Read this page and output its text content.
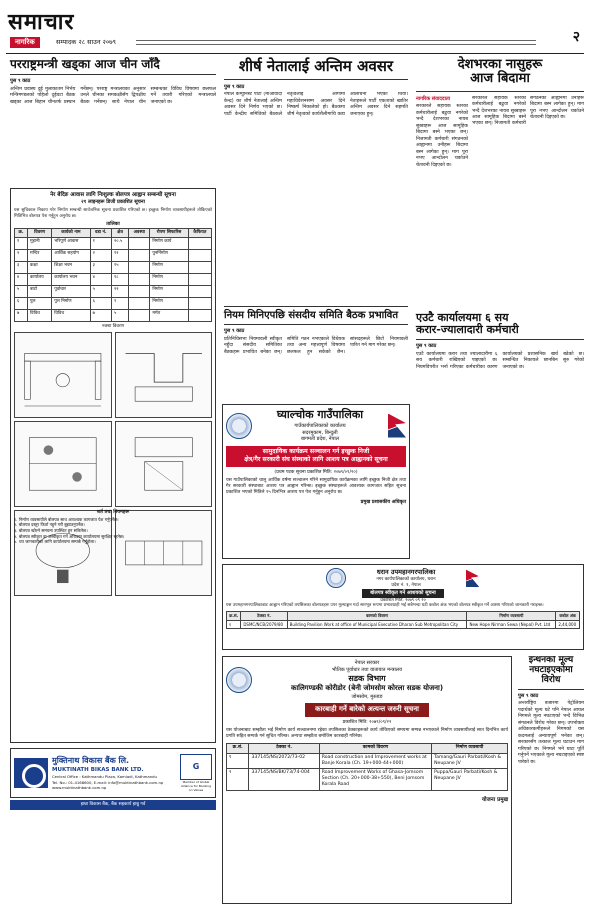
समाचार
नागरिक	सम्पादक २८ साउन २०७९	२
परराष्ट्रमन्त्री खड्का आज चीन जाँदै
पुस ९ काठ
अन्तिम प्रवास्य दुई मुलाकातम निर्भय मन्त्रिमण्डलको पहिलो दुईवटा बैठक खड्का आज बिहान चीनतर्फ प्रस्थान गर्नेछन्। परराष्ट्र मन्त्रालयका अनुसार उनले चीनका समकक्षीसँग द्विपक्षीय बैठक गर्नेछन्। साथै नेपाल चीन सम्बन्धका विविध विषयमा छलफल गर्ने तयारी गरिएको मन्त्रालयले जनाएको छ।
शीर्ष नेतालाई अन्तिम अवसर
पुस ९ काठ
नेपाल कम्युनिस्ट पार्टी (माओवादी केन्द्र) का शीर्ष नेतालाई अन्तिम अवसर दिने निर्णय भएको छ। पार्टी केन्द्रीय समितिको बैठकले नेतृत्वलाई आगामी महाधिवेशनसम्म अवसर दिने निष्कर्ष निकालेको हो। बैठकमा शीर्ष नेतृत्वको कार्यशैलीमाथि कडा आलोचना भएको थियो। नेताहरूले पार्टी एकताको खातिर अन्तिम अवसर दिने सहमति जनाएका हुन्।
देशभरका नासुहरू
आज बिदामा
नागरिक संवाददाता
सरकारले सहायक स्तरका कर्मचारीलाई बढुवा नगरेको भन्दै देशभरका नायब सुब्बाहरू आज सामूहिक बिदामा बस्ने भएका छन्। निजामती कर्मचारी संगठनको आह्वानमा उनीहरू बिदामा बस्न लागेका हुन्। माग पूरा नभए आन्दोलन चर्काउने चेतावनी दिइएको छ।
सरकारले सहायक स्तरका कर्मचारीलाई बढुवा नगरेको भन्दै देशभरका नायब सुब्बाहरू आज सामूहिक बिदामा बस्ने भएका छन्। निजामती कर्मचारी संगठनको आह्वानमा उनीहरू बिदामा बस्न लागेका हुन्। माग पूरा नभए आन्दोलन चर्काउने चेतावनी दिइएको छ।
नेर बेदिङ आवास लागि निःशुल्क बोलपत्र आह्वान सम्बन्धी सूचना
२१ लाइनहरू डिजी प्रकाशित सूचना
यस सुचिकाल निकाय गरेर निर्माण सम्बन्धी सार्वजनिक सूचना प्रकाशित गरिएको छ। इच्छुक निर्माण व्यवसायीहरूले तोकिएको मितिभित्र बोलपत्र पेश गर्नुहुन अनुरोध छ।
तालिका
क्र.	विवरण	कार्यको नाम	वडा नं.	क्षेत्र	अवस्था	रोपण सिफारिस	कैफियत
१	मुहानी	भरिपूर्ण आवास	१	२०.५		निर्माण कार्य	
२	मन्दिर	आर्थिक सहयोग	२	१२		पुनर्निर्माण	
३	कक्षा	शिक्षा भवन	३	१५		निर्माण	
४	कार्यालय	कार्यालय भवन	४	१८		निर्माण	
५	बाटो	पूर्वाधार	५	२२		निर्माण	
६	पुल	पुल निर्माण	६	९		निर्माण	
७	विविध	विविध	७	५		मर्मत	
नक्शा विवरण
शर्त तथा नियमहरू
१. निर्माण व्यवसायीले बोलपत्र साथ आवश्यक कागजात पेश गर्नुपर्नेछ।
२. बोलपत्र दस्तुर फिर्ता नहुने गरी बुझाउनुपर्नेछ।
३. बोलपत्र खोल्ने समयमा उपस्थित हुन सकिनेछ।
४. बोलपत्र स्वीकृत वा अस्वीकृत गर्ने अधिकार कार्यालयमा सुरक्षित रहनेछ।
५. थप जानकारीका लागि कार्यालयमा सम्पर्क गर्नुहोला।
मुक्तिनाथ विकास बैंक लि.
MUKTINATH BIKAS BANK LTD.
Central Office : Kathmandu Plaza, Kamladi, Kathmandu
Tel. No.: 01-4168600, E-mail: info@muktinathbank.com.np
www.muktinathbank.com.np
G
Member of Global Alliance for Banking on Values
हाम्रा विकास बैंक, बैंक सहकार्य हाम्रु गर्व
नियम मिनिएपछि संसदीय समिति बैठक प्रभावित
पुस ९ काठ
प्रतिनिधिसभा नियमावली स्वीकृत नहुँदा संसदीय समितिका बैठकहरू प्रभावित बनेका छन्। समिति गठन नभएकाले विधेयक तथा अन्य महत्त्वपूर्ण विषयमा छलफल हुन सकेको छैन। सांसदहरूले छिटो नियमावली पारित गर्न माग गरेका छन्।
एउटै कार्यालयमा ६ सय
करार-ज्यालादारी कर्मचारी
पुस ९ काठ
एउटै कार्यालयमा करार तथा ज्यालादारीमा ६ सय कर्मचारी राखिएको पाइएको छ। नियमविपरीत भर्ना गरिएका कर्मचारीका कारण कार्यालयको प्रशासनिक खर्च बढेको छ। सम्बन्धित निकायले छानबिन सुरु गरेको जनाएको छ।
घ्याल्चोक गाउँपालिका
गाउँकार्यपालिकाको कार्यालय
सदरमुकाम, बिन्दुली
बागमती प्रदेश, नेपाल
सामुदायिक कार्यक्रम सञ्चालन गर्न इच्छुक निजी
क्षेत्र/गैर सरकारी संघ संस्थाको लागि आशय पत्र आह्वानको सूचना
(प्रथम पटक सूचना प्रकाशित मिति: २०७९/०९/२०)
यस गाउँपालिकाको चालु आर्थिक वर्षमा सञ्चालन गरिने सामुदायिक कार्यक्रमका लागि इच्छुक निजी क्षेत्र तथा गैर सरकारी संस्थाबाट आशय पत्र आह्वान गरिन्छ। इच्छुक संस्थाहरूले आवश्यक कागजात सहित सूचना प्रकाशित भएको मितिले १५ दिनभित्र आशय पत्र पेश गर्नुहुन अनुरोध छ।
प्रमुख प्रशासकीय अधिकृत
धरान उपमहानगरपालिका
नगर कार्यपालिकाको कार्यालय, धरान
प्रदेश नं. १, नेपाल
बोलपत्र स्वीकृत गर्ने आशयको सूचना
प्रकाशित मिति: २०७९ ०९ २०
यस उपमहानगरपालिकाबाट आह्वान गरिएको तपसिलका बोलपत्रहरू उपर मूल्याङ्कन गर्दा सारभूत रूपमा प्रभावग्राही भई सबैभन्दा घटी कबोल अंक भएको बोलपत्र स्वीकृत गर्ने आशय गरिएको जानकारी गराइन्छ।
क्र.सं.	ठेक्का नं.	कामको विवरण	निर्माण व्यवसायी	कबोल अंक
१	DSMC/NCB/2079/80	Building Pavilion Work at office of Municipal Executive Dharan Sub Metropolitan City	New Hope Nirman Sewa (Nepal) Pvt. Ltd	2,44,000
नेपाल सरकार
भौतिक पूर्वाधार तथा यातायात मन्त्रालय
सडक विभाग
कालिगण्डकी कोरीडोर (बेनी जोमसोम कोरला सडक योजना)
जोमसोम, मुस्ताङ
कारबाही गर्ने बारेको अत्यन्त जरुरी सूचना
प्रकाशित मिति: २०७९/०९/२२
यस योजनाबाट सम्झौता भई निर्माण कार्य सञ्चालनमा रहेका तपसिलका ठेक्काहरूको कार्य तोकिएको समयमा सम्पन्न नभएकाले निर्माण व्यवसायीलाई सात दिनभित्र कार्य प्रगति सहित सम्पर्क गर्न सूचित गरिन्छ। अन्यथा सम्झौता बमोजिम कारबाही गरिनेछ।
क्र.सं.	ठेक्का नं.	कामको विवरण	निर्माण व्यवसायी
१	337145/NS/2072/73-02	Road construction and Improvement works at Banje Korala (Ch. 19+000-44+000)	Tamang/Gauri Parbati/Kosh & Neupane JV
२	337145/NS/BK/73/74-004	Road Improvement Works of Ghasa-Jomsom Section (Ch. 20+000-38+550), Beni Jomsom Korala Road	Puppa/Gauri Parbati/Kosh & Neupane JV
योजना प्रमुख
इन्धनको मूल्य
नघटाइएकोमा
विरोध
पुस ९ काठ
अन्तर्राष्ट्रिय बजारमा पेट्रोलियम पदार्थको मूल्य घटे पनि नेपाल आयल निगमले मूल्य नघटाएको भन्दै विभिन्न संगठनले विरोध गरेका छन्। उपभोक्ता अधिकारकर्मीहरूले निगमको यस कदमलाई अन्यायपूर्ण भनेका छन्। सरकारसँग तत्काल मूल्य घटाउन माग गरिएको छ। निगमले भने घाटा पूर्ति गर्नुपर्ने भएकाले मूल्य नघटाइएको स्पष्ट पारेको छ।
